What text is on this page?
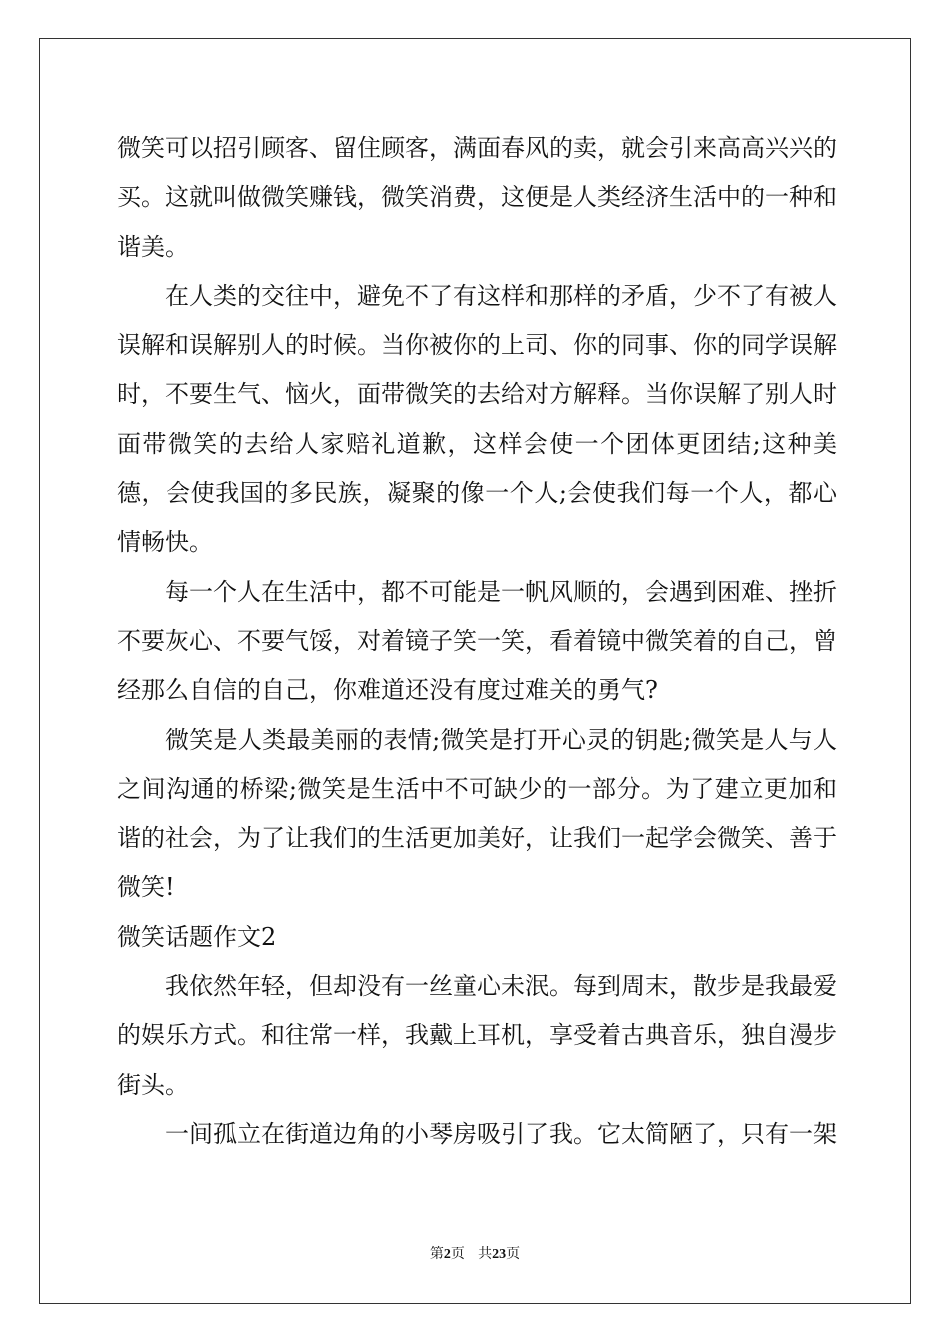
微笑可以招引顾客、留住顾客，满面春风的卖，就会引来高高兴兴的买。这就叫做微笑赚钱，微笑消费，这便是人类经济生活中的一种和谐美。

在人类的交往中，避免不了有这样和那样的矛盾，少不了有被人误解和误解别人的时候。当你被你的上司、你的同事、你的同学误解时，不要生气、恼火，面带微笑的去给对方解释。当你误解了别人时面带微笑的去给人家赔礼道歉，这样会使一个团体更团结;这种美德，会使我国的多民族，凝聚的像一个人;会使我们每一个人，都心情畅快。

每一个人在生活中，都不可能是一帆风顺的，会遇到困难、挫折不要灰心、不要气馁，对着镜子笑一笑，看着镜中微笑着的自己，曾经那么自信的自己，你难道还没有度过难关的勇气?

微笑是人类最美丽的表情;微笑是打开心灵的钥匙;微笑是人与人之间沟通的桥梁;微笑是生活中不可缺少的一部分。为了建立更加和谐的社会，为了让我们的生活更加美好，让我们一起学会微笑、善于微笑!

微笑话题作文2

我依然年轻，但却没有一丝童心未泯。每到周末，散步是我最爱的娱乐方式。和往常一样，我戴上耳机，享受着古典音乐，独自漫步街头。

一间孤立在街道边角的小琴房吸引了我。它太简陋了，只有一架

第2页 共23页
